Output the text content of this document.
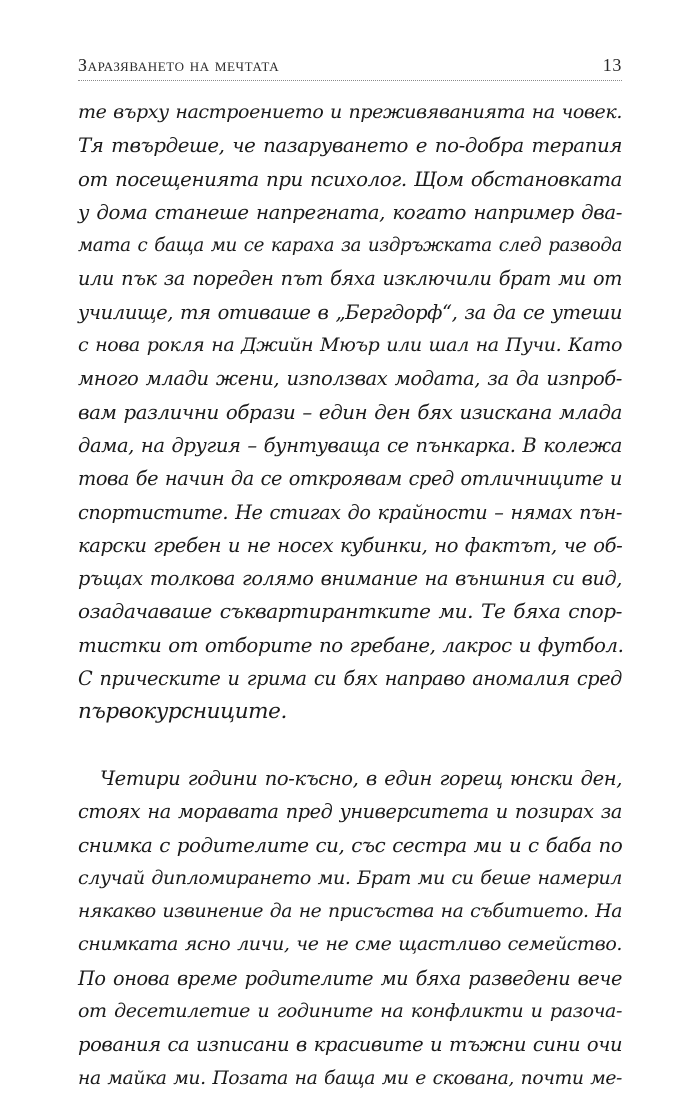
Заразяването на мечтата	13
те върху настроението и преживяванията на човек.
Тя твърдеше, че пазаруването е по-добра терапия
от посещенията при психолог. Щом обстановката
у дома станеше напрегната, когато например два-
мата с баща ми се караха за издръжката след развода
или пък за пореден път бяха изключили брат ми от
училище, тя отиваше в „Бергдорф“, за да се утеши
с нова рокля на Джийн Мюър или шал на Пучи. Като
много млади жени, използвах модата, за да изпроб-
вам различни образи – един ден бях изискана млада
дама, на другия – бунтуваща се пънкарка. В колежа
това бе начин да се откроявам сред отличниците и
спортистите. Не стигах до крайности – нямах пън-
карски гребен и не носех кубинки, но фактът, че об-
ръщах толкова голямо внимание на външния си вид,
озадачаваше съквартирантките ми. Те бяха спор-
тистки от отборите по гребане, лакрос и футбол.
С прическите и грима си бях направо аномалия сред
първокурсниците.
Четири години по-късно, в един горещ юнски ден,
стоях на моравата пред университета и позирах за
снимка с родителите си, със сестра ми и с баба по
случай дипломирането ми. Брат ми си беше намерил
някакво извинение да не присъства на събитието. На
снимката ясно личи, че не сме щастливо семейство.
По онова време родителите ми бяха разведени вече
от десетилетие и годините на конфликти и разоча-
рования са изписани в красивите и тъжни сини очи
на майка ми. Позата на баща ми е скована, почти ме-
